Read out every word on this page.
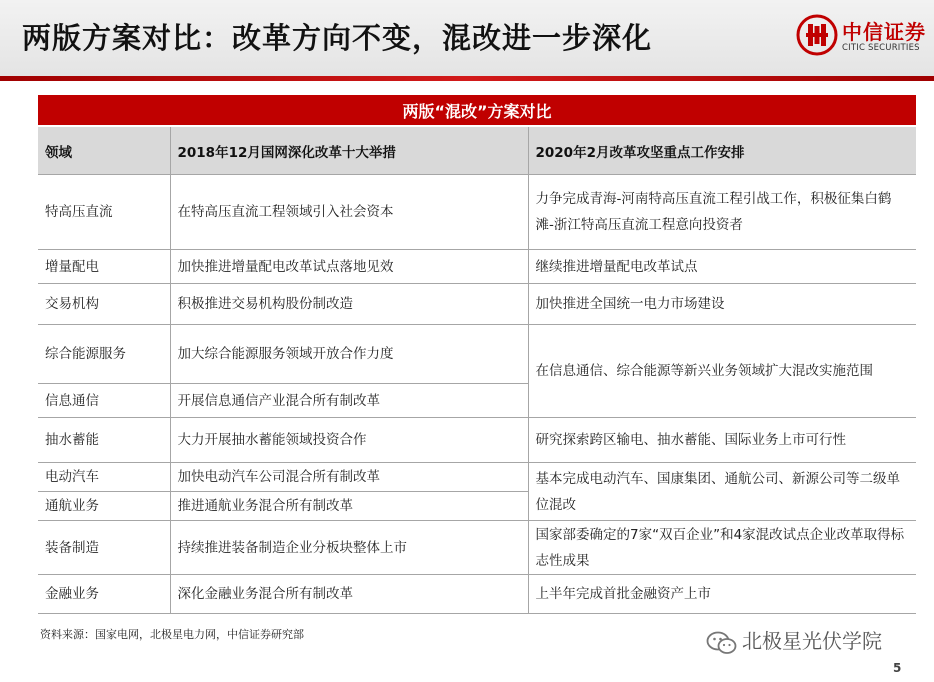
两版方案对比：改革方向不变，混改进一步深化	中信证券
CITIC SECURITIES
两版“混改”方案对比		
领域	2018年12月国网深化改革十大举措	2020年2月改革攻坚重点工作安排
特高压直流	在特高压直流工程领域引入社会资本	力争完成青海-河南特高压直流工程引战工作，积极征集白鹤滩-浙江特高压直流工程意向投资者
增量配电	加快推进增量配电改革试点落地见效	继续推进增量配电改革试点
交易机构	积极推进交易机构股份制改造	加快推进全国统一电力市场建设
综合能源服务	加大综合能源服务领域开放合作力度	在信息通信、综合能源等新兴业务领域扩大混改实施范围
信息通信	开展信息通信产业混合所有制改革	
抽水蓄能	大力开展抽水蓄能领域投资合作	研究探索跨区输电、抽水蓄能、国际业务上市可行性
电动汽车	加快电动汽车公司混合所有制改革	基本完成电动汽车、国康集团、通航公司、新源公司等二级单位混改
通航业务	推进通航业务混合所有制改革	
装备制造	持续推进装备制造企业分板块整体上市	国家部委确定的7家“双百企业”和4家混改试点企业改革取得标志性成果
金融业务	深化金融业务混合所有制改革	上半年完成首批金融资产上市
资料来源：国家电网，北极星电力网，中信证券研究部	北极星光伏学院
5
